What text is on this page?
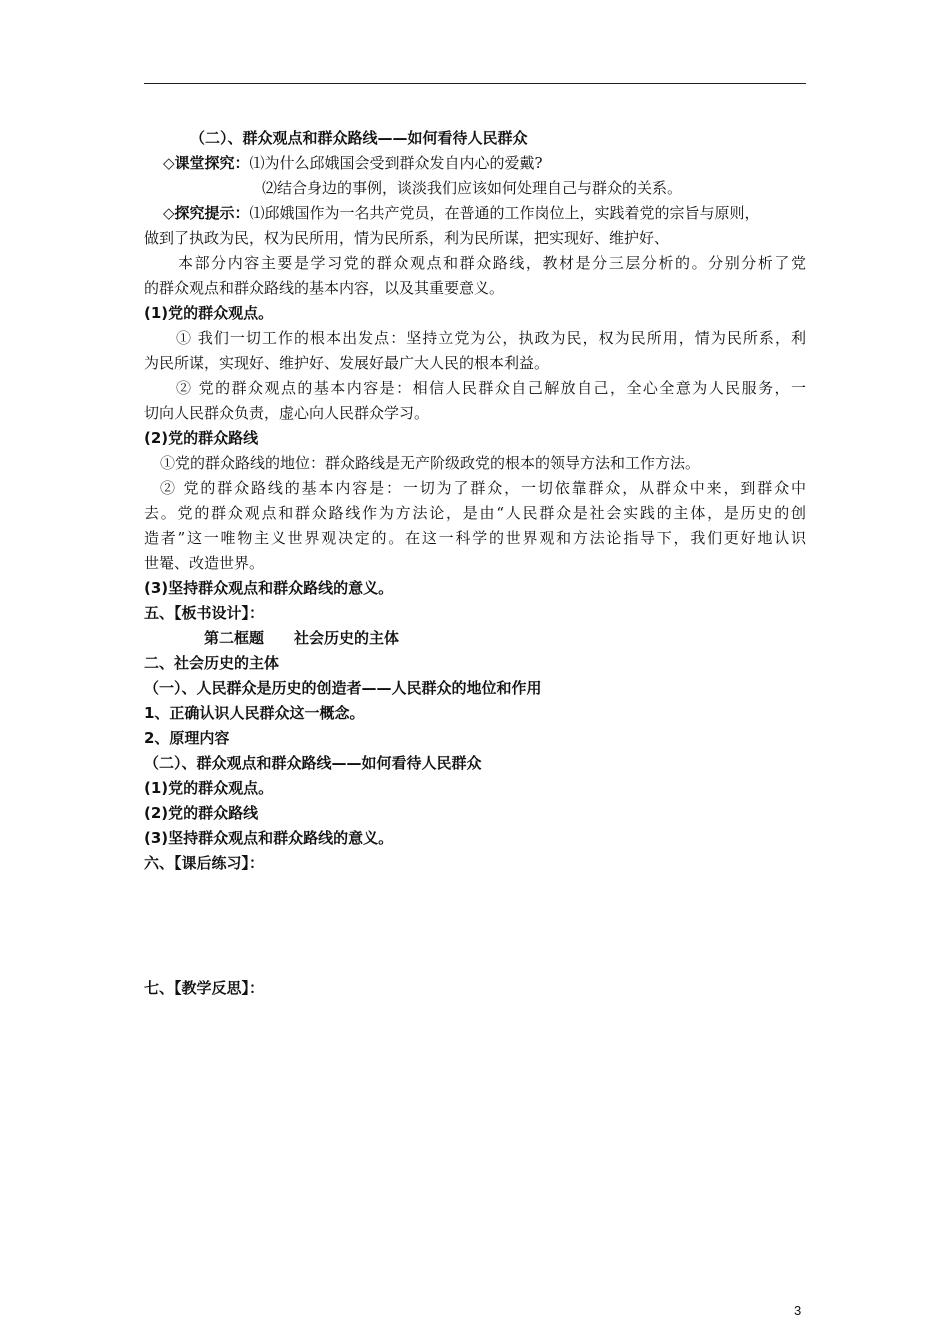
（二）、群众观点和群众路线——如何看待人民群众
◇课堂探究：⑴为什么邱娥国会受到群众发自内心的爱戴?
⑵结合身边的事例，谈淡我们应该如何处理自己与群众的关系。
◇探究提示：⑴邱娥国作为一名共产党员，在普通的工作岗位上，实践着党的宗旨与原则，
做到了执政为民，权为民所用，情为民所系，利为民所谋，把实现好、维护好、
本部分内容主要是学习党的群众观点和群众路线，教材是分三层分析的。分别分析了党
的群众观点和群众路线的基本内容，以及其重要意义。
(1)党的群众观点。
① 我们一切工作的根本出发点：坚持立党为公，执政为民，权为民所用，情为民所系，利
为民所谋，实现好、维护好、发展好最广大人民的根本利益。
② 党的群众观点的基本内容是：相信人民群众自己解放自己，全心全意为人民服务，一
切向人民群众负责，虚心向人民群众学习。
(2)党的群众路线
①党的群众路线的地位：群众路线是无产阶级政党的根本的领导方法和工作方法。
② 党的群众路线的基本内容是：一切为了群众，一切依靠群众，从群众中来，到群众中
去。党的群众观点和群众路线作为方法论，是由“人民群众是社会实践的主体，是历史的创
造者”这一唯物主义世界观决定的。在这一科学的世界观和方法论指导下，我们更好地认识
世罨、改造世界。
(3)坚持群众观点和群众路线的意义。
五、【板书设计】：
第二框题　　社会历史的主体
二、社会历史的主体
（一）、人民群众是历史的创造者——人民群众的地位和作用
1、正确认识人民群众这一概念。
2、原理内容
（二）、群众观点和群众路线——如何看待人民群众
(1)党的群众观点。
(2)党的群众路线
(3)坚持群众观点和群众路线的意义。
六、【课后练习】：
七、【教学反思】：
3
